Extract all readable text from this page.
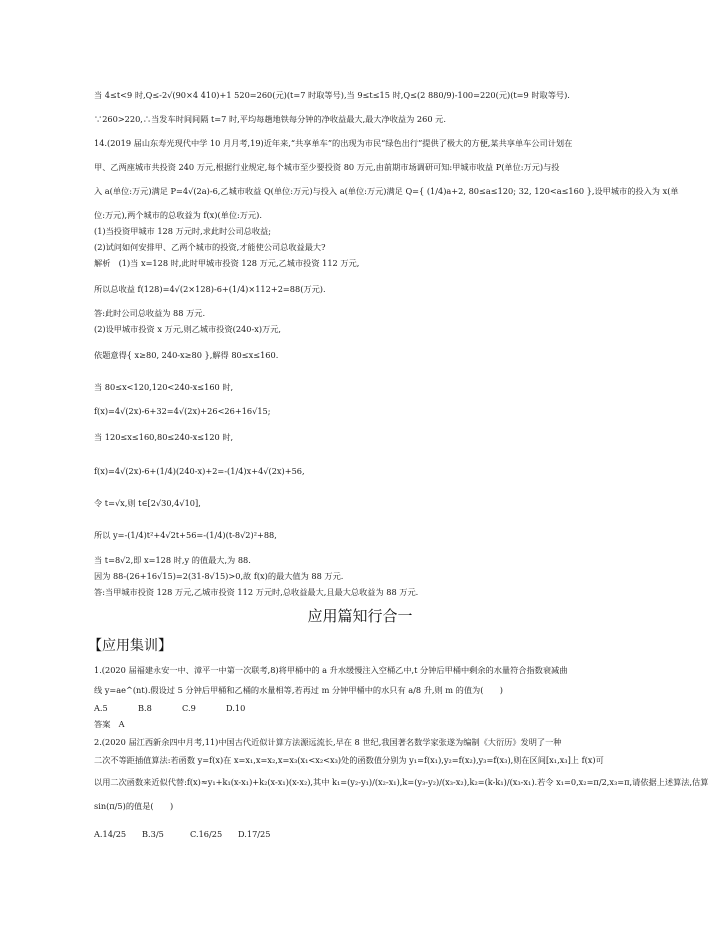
当 4≤t<9 时,Q≤-2√(90×4 410)+1 520=260(元)(t=7 时取等号),当 9≤t≤15 时,Q≤(2 880/9)-100=220(元)(t=9 时取等号).
∵260>220,∴当发车时间间隔 t=7 时,平均每趟地铁每分钟的净收益最大,最大净收益为 260 元.
14.(2019 届山东寿光现代中学 10 月月考,19)近年来,“共享单车”的出现为市民“绿色出行”提供了极大的方便,某共享单车公司计划在
甲、乙两座城市共投资 240 万元,根据行业规定,每个城市至少要投资 80 万元,由前期市场调研可知:甲城市收益 P(单位:万元)与投
入 a(单位:万元)满足 P=4√(2a)-6,乙城市收益 Q(单位:万元)与投入 a(单位:万元)满足 Q={ (1/4)a+2, 80≤a≤120; 32, 120<a≤160 },设甲城市的投入为 x(单
位:万元),两个城市的总收益为 f(x)(单位:万元).
(1)当投资甲城市 128 万元时,求此时公司总收益;
(2)试问如何安排甲、乙两个城市的投资,才能使公司总收益最大?
解析　(1)当 x=128 时,此时甲城市投资 128 万元,乙城市投资 112 万元,
所以总收益 f(128)=4√(2×128)-6+(1/4)×112+2=88(万元).
答:此时公司总收益为 88 万元.
(2)设甲城市投资 x 万元,则乙城市投资(240-x)万元,
依题意得{ x≥80, 240-x≥80 },解得 80≤x≤160.
当 80≤x<120,120<240-x≤160 时,
f(x)=4√(2x)-6+32=4√(2x)+26<26+16√15;
当 120≤x≤160,80≤240-x≤120 时,
f(x)=4√(2x)-6+(1/4)(240-x)+2=-(1/4)x+4√(2x)+56,
令 t=√x,则 t∈[2√30,4√10],
所以 y=-(1/4)t²+4√2t+56=-(1/4)(t-8√2)²+88,
当 t=8√2,即 x=128 时,y 的值最大,为 88.
因为 88-(26+16√15)=2(31-8√15)>0,故 f(x)的最大值为 88 万元.
答:当甲城市投资 128 万元,乙城市投资 112 万元时,总收益最大,且最大总收益为 88 万元.
应用篇知行合一
【应用集训】
1.(2020 届福建永安一中、漳平一中第一次联考,8)将甲桶中的 a 升水缓慢注入空桶乙中,t 分钟后甲桶中剩余的水量符合指数衰减曲
线 y=ae^(nt).假设过 5 分钟后甲桶和乙桶的水量相等,若再过 m 分钟甲桶中的水只有 a/8 升,则 m 的值为(　　)
A.5	B.8	C.9	D.10
答案　A
2.(2020 届江西新余四中月考,11)中国古代近似计算方法源远流长,早在 8 世纪,我国著名数学家张遂为编制《大衍历》发明了一种
二次不等距插值算法:若函数 y=f(x)在 x=x₁,x=x₂,x=x₃(x₁<x₂<x₃)处的函数值分别为 y₁=f(x₁),y₂=f(x₂),y₃=f(x₃),则在区间[x₁,x₃]上 f(x)可
以用二次函数来近似代替:f(x)≈y₁+k₁(x-x₁)+k₂(x-x₁)(x-x₂),其中 k₁=(y₂-y₁)/(x₂-x₁),k=(y₃-y₂)/(x₃-x₂),k₂=(k-k₁)/(x₃-x₁).若令 x₁=0,x₂=π/2,x₃=π,请依据上述算法,估算
sin(π/5)的值是(　　)
A.14/25 B.3/5	C.16/25 D.17/25
